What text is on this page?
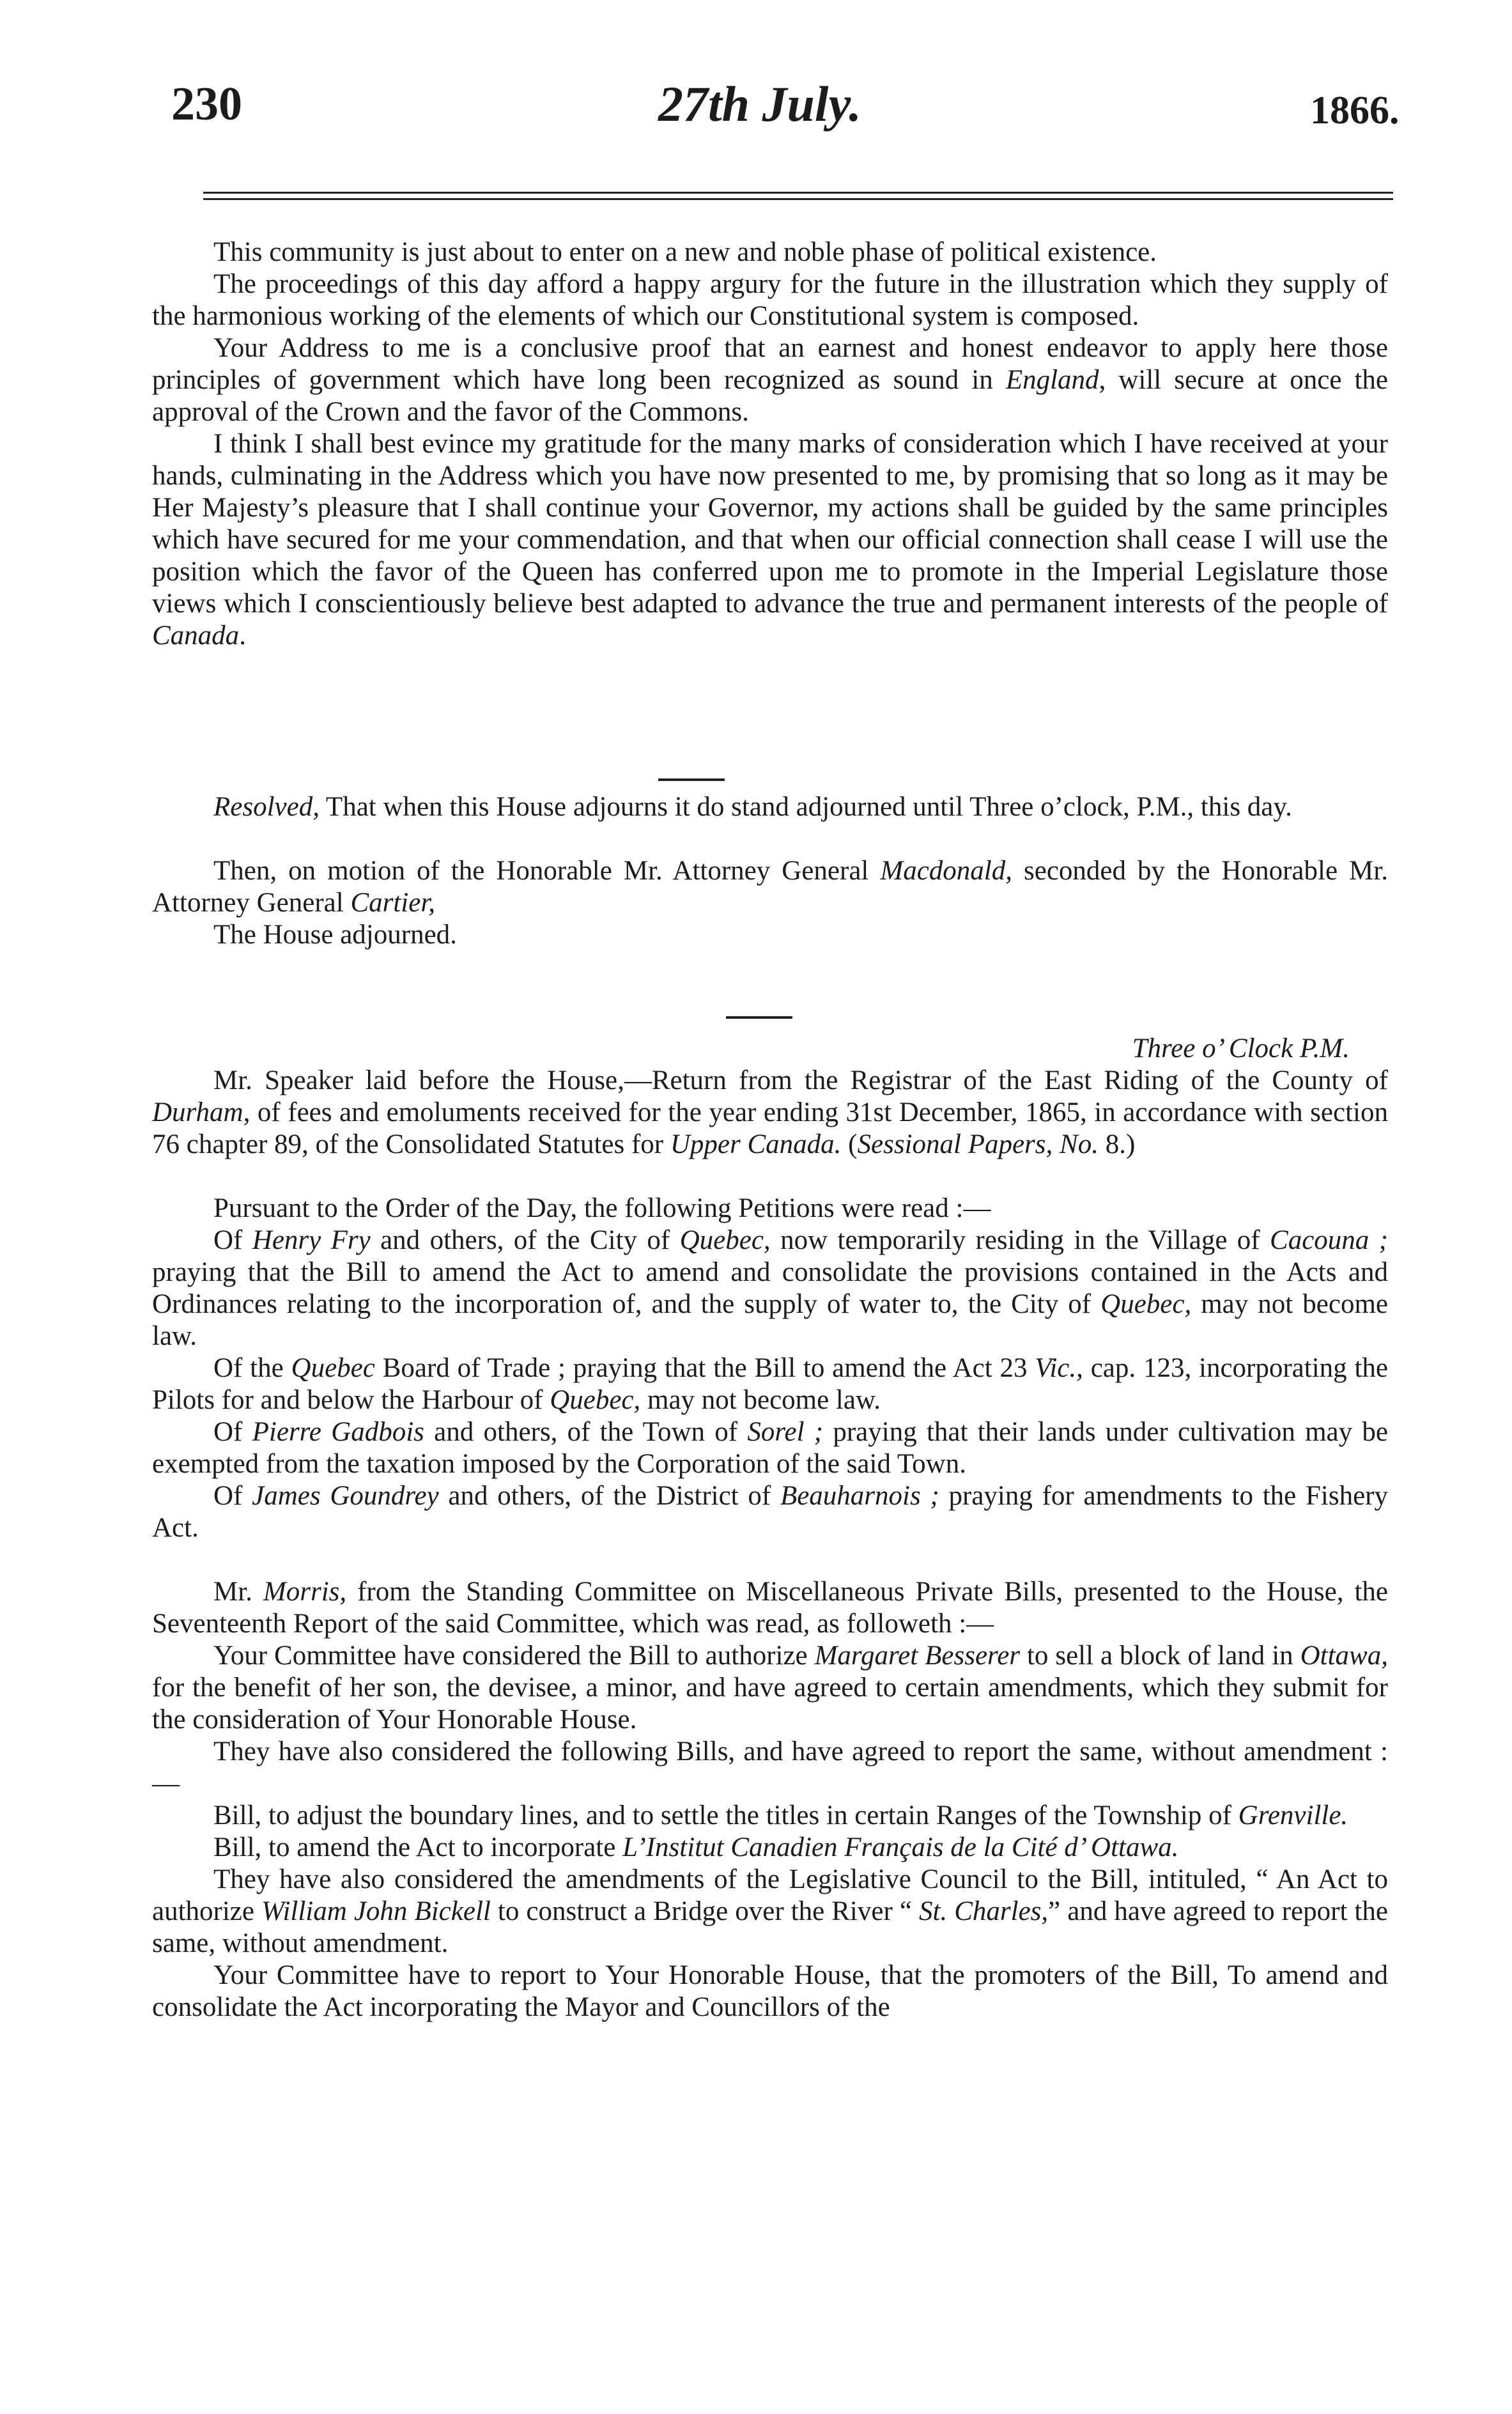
230	27th July.	1866.

This community is just about to enter on a new and noble phase of political existence.

The proceedings of this day afford a happy argury for the future in the illustration which they supply of the harmonious working of the elements of which our Constitutional system is composed.

Your Address to me is a conclusive proof that an earnest and honest endeavor to apply here those principles of government which have long been recognized as sound in England, will secure at once the approval of the Crown and the favor of the Commons.

I think I shall best evince my gratitude for the many marks of consideration which I have received at your hands, culminating in the Address which you have now presented to me, by promising that so long as it may be Her Majesty’s pleasure that I shall continue your Governor, my actions shall be guided by the same principles which have secured for me your commendation, and that when our official connection shall cease I will use the position which the favor of the Queen has conferred upon me to promote in the Imperial Legislature those views which I conscientiously believe best adapted to advance the true and permanent interests of the people of Canada.

Resolved, That when this House adjourns it do stand adjourned until Three o’clock, P.M., this day.

Then, on motion of the Honorable Mr. Attorney General Macdonald, seconded by the Honorable Mr. Attorney General Cartier,

The House adjourned.

Three o’ Clock P.M.

Mr. Speaker laid before the House,—Return from the Registrar of the East Riding of the County of Durham, of fees and emoluments received for the year ending 31st December, 1865, in accordance with section 76 chapter 89, of the Consolidated Statutes for Upper Canada. (Sessional Papers, No. 8.)

Pursuant to the Order of the Day, the following Petitions were read :—

Of Henry Fry and others, of the City of Quebec, now temporarily residing in the Village of Cacouna ; praying that the Bill to amend the Act to amend and consolidate the provisions contained in the Acts and Ordinances relating to the incorporation of, and the supply of water to, the City of Quebec, may not become law.

Of the Quebec Board of Trade ; praying that the Bill to amend the Act 23 Vic., cap. 123, incorporating the Pilots for and below the Harbour of Quebec, may not become law.

Of Pierre Gadbois and others, of the Town of Sorel ; praying that their lands under cultivation may be exempted from the taxation imposed by the Corporation of the said Town.

Of James Goundrey and others, of the District of Beauharnois ; praying for amendments to the Fishery Act.

Mr. Morris, from the Standing Committee on Miscellaneous Private Bills, presented to the House, the Seventeenth Report of the said Committee, which was read, as followeth :—

Your Committee have considered the Bill to authorize Margaret Besserer to sell a block of land in Ottawa, for the benefit of her son, the devisee, a minor, and have agreed to certain amendments, which they submit for the consideration of Your Honorable House.

They have also considered the following Bills, and have agreed to report the same, without amendment :—

Bill, to adjust the boundary lines, and to settle the titles in certain Ranges of the Township of Grenville.

Bill, to amend the Act to incorporate L’Institut Canadien Français de la Cité d’ Ottawa.

They have also considered the amendments of the Legislative Council to the Bill, intituled, “ An Act to authorize William John Bickell to construct a Bridge over the River “ St. Charles,” and have agreed to report the same, without amendment.

Your Committee have to report to Your Honorable House, that the promoters of the Bill, To amend and consolidate the Act incorporating the Mayor and Councillors of the
